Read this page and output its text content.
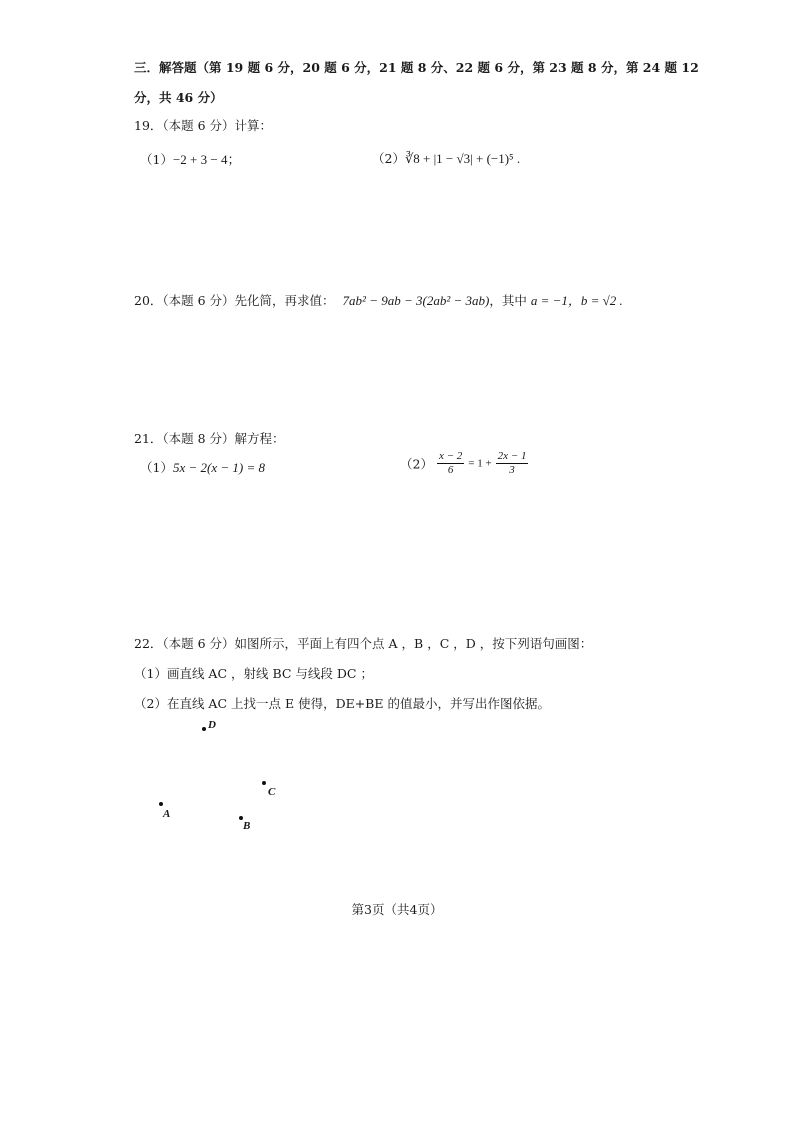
三．解答题（第 19 题 6 分，20 题 6 分，21 题 8 分、22 题 6 分，第 23 题 8 分，第 24 题 12
分，共 46 分）
19．（本题 6 分）计算：
（1）−2 + 3 − 4；	（2）∛8 + |1 − √3| + (−1)⁵ .
20．（本题 6 分）先化简，再求值： 7ab² − 9ab − 3(2ab² − 3ab)，其中 a = −1，b = √2 .
21．（本题 8 分）解方程：
（1）5x − 2(x − 1) = 8	$(2) \frac{x - 2}{6} = 1 + \frac{2x - 1}{3}$
22．（本题 6 分）如图所示，平面上有四个点 A ，B ，C ，D ，按下列语句画图：
（1）画直线 AC ，射线 BC 与线段 DC ；
（2）在直线 AC 上找一点 E 使得，DE+BE 的值最小，并写出作图依据。
D
C
A
B
第3页（共4页）
